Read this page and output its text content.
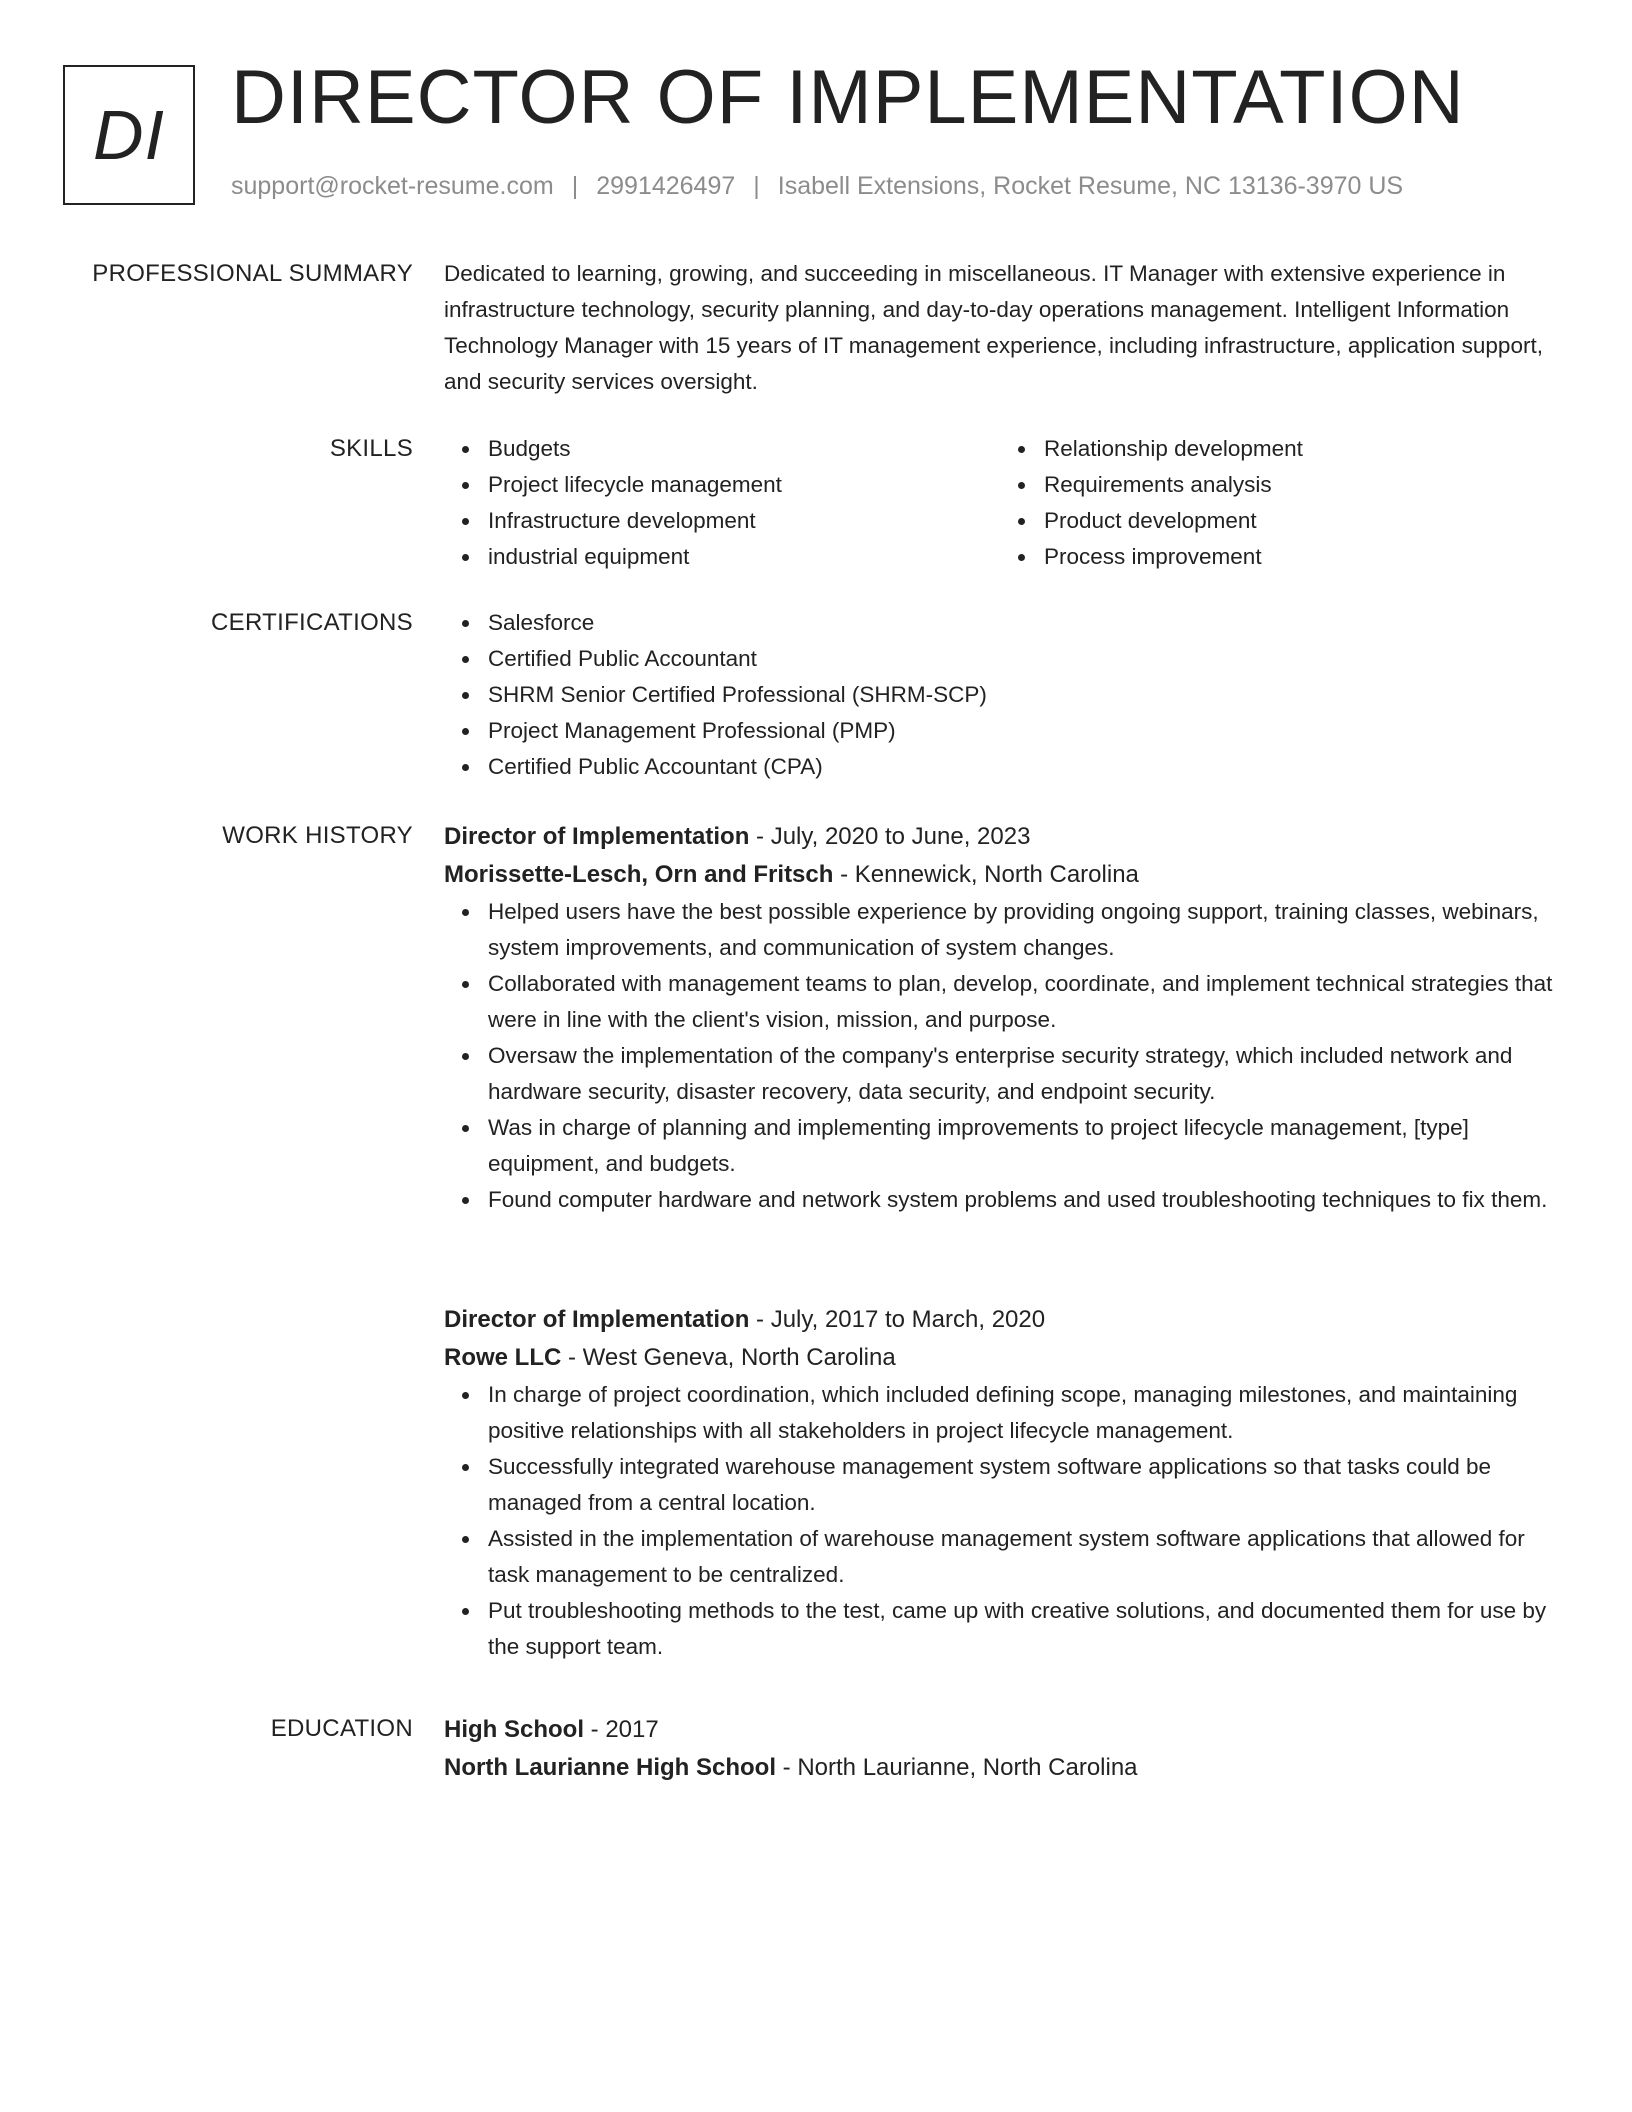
DI DIRECTOR OF IMPLEMENTATION
support@rocket-resume.com | 2991426497 | Isabell Extensions, Rocket Resume, NC 13136-3970 US
PROFESSIONAL SUMMARY Dedicated to learning, growing, and succeeding in miscellaneous. IT Manager with extensive experience in infrastructure technology, security planning, and day-to-day operations management. Intelligent Information Technology Manager with 15 years of IT management experience, including infrastructure, application support, and security services oversight.

SKILLS	Budgets
Project lifecycle management
Infrastructure development
industrial equipment
Relationship development
Requirements analysis
Product development
Process improvement
CERTIFICATIONS	Salesforce
Certified Public Accountant
SHRM Senior Certified Professional (SHRM-SCP)
Project Management Professional (PMP)
Certified Public Accountant (CPA)
WORK HISTORY Director of Implementation - July, 2020 to June, 2023
Morissette-Lesch, Orn and Fritsch - Kennewick, North Carolina
Helped users have the best possible experience by providing ongoing support, training classes, webinars, system improvements, and communication of system changes.
Collaborated with management teams to plan, develop, coordinate, and implement technical strategies that were in line with the client's vision, mission, and purpose.
Oversaw the implementation of the company's enterprise security strategy, which included network and hardware security, disaster recovery, data security, and endpoint security.
Was in charge of planning and implementing improvements to project lifecycle management, [type] equipment, and budgets.
Found computer hardware and network system problems and used troubleshooting techniques to fix them.
Director of Implementation - July, 2017 to March, 2020
Rowe LLC - West Geneva, North Carolina
In charge of project coordination, which included defining scope, managing milestones, and maintaining positive relationships with all stakeholders in project lifecycle management.
Successfully integrated warehouse management system software applications so that tasks could be managed from a central location.
Assisted in the implementation of warehouse management system software applications that allowed for task management to be centralized.
Put troubleshooting methods to the test, came up with creative solutions, and documented them for use by the support team.
EDUCATION High School - 2017
North Laurianne High School - North Laurianne, North Carolina
